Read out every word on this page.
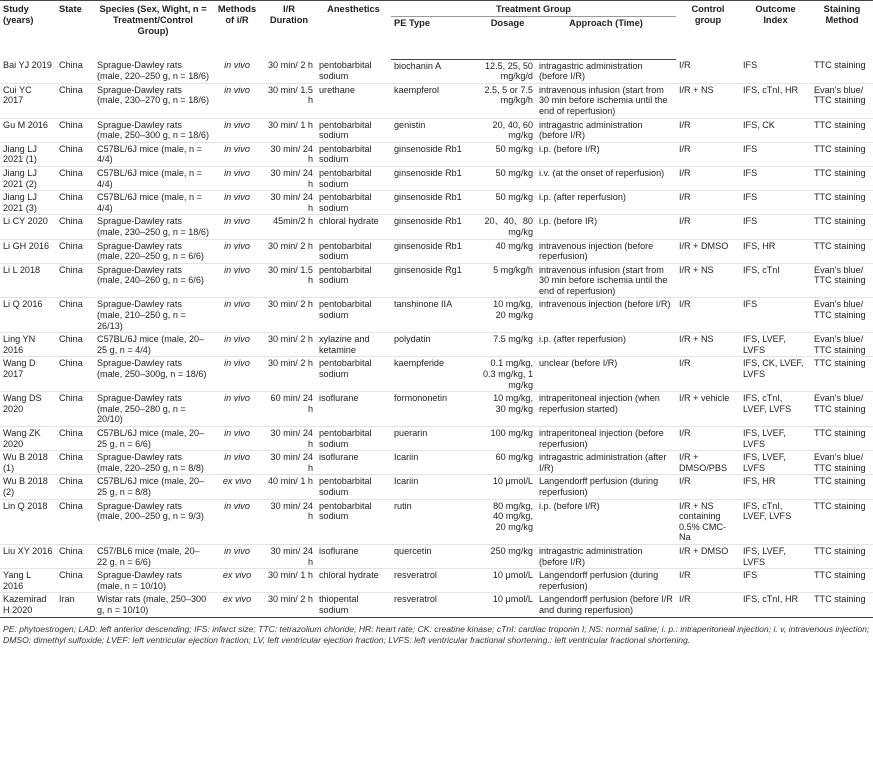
Study (years)	State	Species (Sex, Wight, n = Treatment/Control Group)	Methods of i/R	I/R Duration	Anesthetics	Treatment Group			Control group	Outcome Index	Staining Method
						PE Type	Dosage	Approach (Time)			
Bai YJ 2019	China	Sprague-Dawley rats (male, 220–250 g, n = 18/6)	in vivo	30 min/ 2 h	pentobarbital sodium	biochanin A	12.5, 25, 50 mg/kg/d	intragastric administration (before I/R)	I/R	IFS	TTC staining
Cui YC 2017	China	Sprague-Dawley rats (male, 230–270 g, n = 18/6)	in vivo	30 min/ 1.5 h	urethane	kaempferol	2.5, 5 or 7.5 mg/kg/h	intravenous infusion (start from 30 min before ischemia until the end of reperfusion)	I/R + NS	IFS, cTnI, HR	Evan's blue/ TTC staining
Gu M 2016	China	Sprague-Dawley rats (male, 250–300 g, n = 18/6)	in vivo	30 min/ 1 h	pentobarbital sodium	genistin	20, 40, 60 mg/kg	intragastric administration (before I/R)	I/R	IFS, CK	TTC staining
Jiang LJ 2021 (1)	China	C57BL/6J mice (male, n = 4/4)	in vivo	30 min/ 24 h	pentobarbital sodium	ginsenoside Rb1	50 mg/kg	i.p. (before I/R)	I/R	IFS	TTC staining
Jiang LJ 2021 (2)	China	C57BL/6J mice (male, n = 4/4)	in vivo	30 min/ 24 h	pentobarbital sodium	ginsenoside Rb1	50 mg/kg	i.v. (at the onset of reperfusion)	I/R	IFS	TTC staining
Jiang LJ 2021 (3)	China	C57BL/6J mice (male, n = 4/4)	in vivo	30 min/ 24 h	pentobarbital sodium	ginsenoside Rb1	50 mg/kg	i.p. (after reperfusion)	I/R	IFS	TTC staining
Li CY 2020	China	Sprague-Dawley rats (male, 230–250 g, n = 18/6)	in vivo	45min/2 h	chloral hydrate	ginsenoside Rb1	20、40、80 mg/kg	i.p. (before IR)	I/R	IFS	TTC staining
Li GH 2016	China	Sprague-Dawley rats (male, 220–250 g, n = 6/6)	in vivo	30 min/ 2 h	pentobarbital sodium	ginsenoside Rb1	40 mg/kg	intravenous injection (before reperfusion)	I/R + DMSO	IFS, HR	TTC staining
Li L 2018	China	Sprague-Dawley rats (male, 240–260 g, n = 6/6)	in vivo	30 min/ 1.5 h	pentobarbital sodium	ginsenoside Rg1	5 mg/kg/h	intravenous infusion (start from 30 min before ischemia until the end of reperfusion)	I/R + NS	IFS, cTnI	Evan's blue/ TTC staining
Li Q 2016	China	Sprague-Dawley rats (male, 210–250 g, n = 26/13)	in vivo	30 min/ 2 h	pentobarbital sodium	tanshinone IIA	10 mg/kg, 20 mg/kg	intravenous injection (before I/R)	I/R	IFS	Evan's blue/ TTC staining
Ling YN 2016	China	C57BL/6J mice (male, 20–25 g, n = 4/4)	in vivo	30 min/ 2 h	xylazine and ketamine	polydatin	7.5 mg/kg	i.p. (after reperfusion)	I/R + NS	IFS, LVEF, LVFS	Evan's blue/ TTC staining
Wang D 2017	China	Sprague-Dawley rats (male, 250–300g, n = 18/6)	in vivo	30 min/ 2 h	pentobarbital sodium	kaempferide	0.1 mg/kg, 0.3 mg/kg, 1 mg/kg	unclear (before I/R)	I/R	IFS, CK, LVEF, LVFS	TTC staining
Wang DS 2020	China	Sprague-Dawley rats (male, 250–280 g, n = 20/10)	in vivo	60 min/ 24 h	isoflurane	formononetin	10 mg/kg, 30 mg/kg	intraperitoneal injection (when reperfusion started)	I/R + vehicle	IFS, cTnI, LVEF, LVFS	Evan's blue/ TTC staining
Wang ZK 2020	China	C57BL/6J mice (male, 20–25 g, n = 6/6)	in vivo	30 min/ 24 h	pentobarbital sodium	puerarin	100 mg/kg	intraperitoneal injection (before reperfusion)	I/R	IFS, LVEF, LVFS	TTC staining
Wu B 2018 (1)	China	Sprague-Dawley rats (male, 220–250 g, n = 8/8)	in vivo	30 min/ 24 h	isoflurane	Icariin	60 mg/kg	intragastric administration (after I/R)	I/R + DMSO/PBS	IFS, LVEF, LVFS	Evan's blue/ TTC staining
Wu B 2018 (2)	China	C57BL/6J mice (male, 20–25 g, n = 8/8)	ex vivo	40 min/ 1 h	pentobarbital sodium	Icariin	10 μmol/L	Langendorff perfusion (during reperfusion)	I/R	IFS, HR	TTC staining
Lin Q 2018	China	Sprague-Dawley rats (male, 200–250 g, n = 9/3)	in vivo	30 min/ 24 h	pentobarbital sodium	rutin	80 mg/kg, 40 mg/kg, 20 mg/kg	i.p. (before I/R)	I/R + NS containing 0.5% CMC-Na	IFS, cTnI, LVEF, LVFS	TTC staining
Liu XY 2016	China	C57/BL6 mice (male, 20–22 g, n = 6/6)	in vivo	30 min/ 24 h	isoflurane	quercetin	250 mg/kg	intragastric administration (before I/R)	I/R + DMSO	IFS, LVEF, LVFS	TTC staining
Yang L 2016	China	Sprague-Dawley rats (male, n = 10/10)	ex vivo	30 min/ 1 h	chloral hydrate	resveratrol	10 μmol/L	Langendorff perfusion (during reperfusion)	I/R	IFS	TTC staining
Kazemirad H 2020	Iran	Wistar rats (male, 250–300 g, n = 10/10)	ex vivo	30 min/ 2 h	thiopental sodium	resveratrol	10 μmol/L	Langendorff perfusion (before I/R and during reperfusion)	I/R	IFS, cTnI, HR	TTC staining
PE: phytoestrogen; LAD: left anterior descending; IFS: infarct size; TTC: tetrazolium chloride; HR: heart rate; CK: creatine kinase; cTnI: cardiac troponin I; NS: normal saline; i. p.: intraperitoneal injection; i. v, intravenous injection; DMSO: dimethyl sulfoxide; LVEF: left ventricular ejection fraction; LV, left ventricular ejection fraction; LVFS: left ventricular fractional shortening.: left ventricular fractional shortening.
